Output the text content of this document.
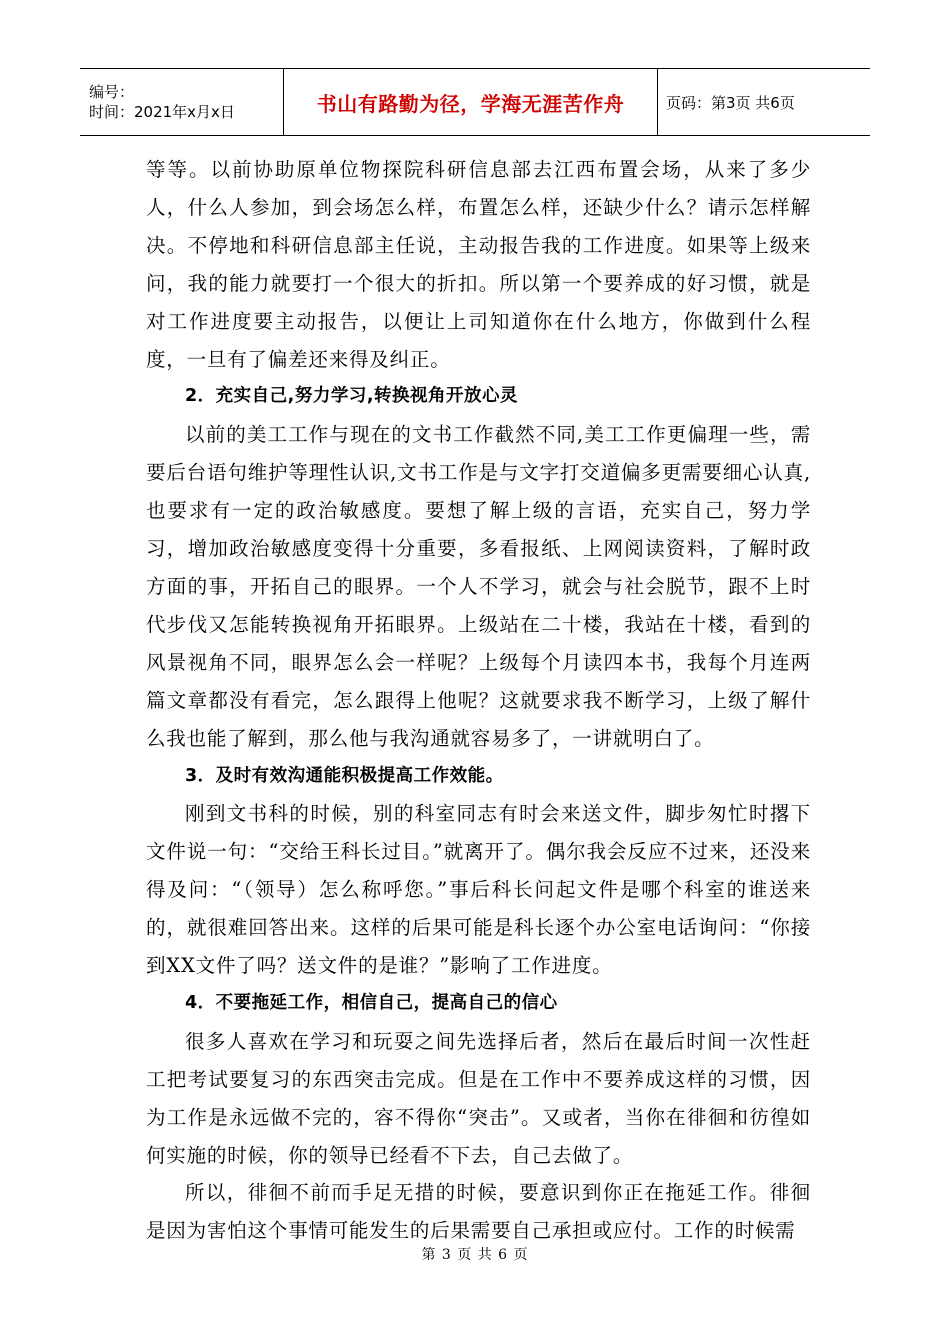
编号：
时间：2021年x月x日	书山有路勤为径，学海无涯苦作舟	页码：第3页 共6页

等等。以前协助原单位物探院科研信息部去江西布置会场，从来了多少人，什么人参加，到会场怎么样，布置怎么样，还缺少什么？请示怎样解决。不停地和科研信息部主任说，主动报告我的工作进度。如果等上级来问，我的能力就要打一个很大的折扣。所以第一个要养成的好习惯，就是对工作进度要主动报告，以便让上司知道你在什么地方，你做到什么程度，一旦有了偏差还来得及纠正。

2．充实自己,努力学习,转换视角开放心灵

以前的美工工作与现在的文书工作截然不同,美工工作更偏理一些，需要后台语句维护等理性认识,文书工作是与文字打交道偏多更需要细心认真,也要求有一定的政治敏感度。要想了解上级的言语，充实自己，努力学习，增加政治敏感度变得十分重要，多看报纸、上网阅读资料，了解时政方面的事，开拓自己的眼界。一个人不学习，就会与社会脱节，跟不上时代步伐又怎能转换视角开拓眼界。上级站在二十楼，我站在十楼，看到的风景视角不同，眼界怎么会一样呢？上级每个月读四本书，我每个月连两篇文章都没有看完，怎么跟得上他呢？这就要求我不断学习，上级了解什么我也能了解到，那么他与我沟通就容易多了，一讲就明白了。

3．及时有效沟通能积极提高工作效能。

刚到文书科的时候，别的科室同志有时会来送文件，脚步匆忙时撂下文件说一句：“交给王科长过目。”就离开了。偶尔我会反应不过来，还没来得及问：“（领导）怎么称呼您。”事后科长问起文件是哪个科室的谁送来的，就很难回答出来。这样的后果可能是科长逐个办公室电话询问：“你接到XX文件了吗？送文件的是谁？”影响了工作进度。

4．不要拖延工作，相信自己，提高自己的信心

很多人喜欢在学习和玩耍之间先选择后者，然后在最后时间一次性赶工把考试要复习的东西突击完成。但是在工作中不要养成这样的习惯，因为工作是永远做不完的，容不得你“突击”。又或者，当你在徘徊和彷徨如何实施的时候，你的领导已经看不下去，自己去做了。

所以，徘徊不前而手足无措的时候，要意识到你正在拖延工作。徘徊是因为害怕这个事情可能发生的后果需要自己承担或应付。工作的时候需

第 3 页 共 6 页
